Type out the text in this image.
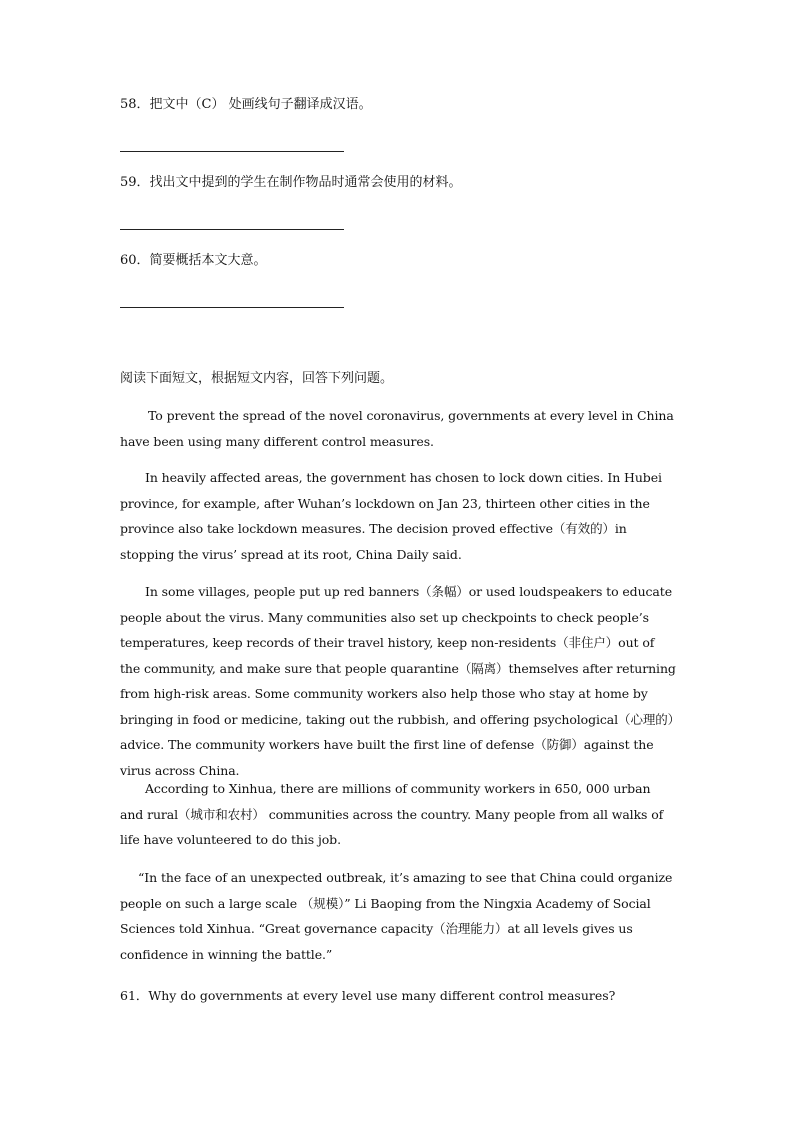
58．把文中（C） 处画线句子翻译成汉语。
59．找出文中提到的学生在制作物品时通常会使用的材料。
60．简要概括本文大意。
阅读下面短文，根据短文内容，回答下列问题。

To prevent the spread of the novel coronavirus, governments at every level in China have been using many different control measures.

In heavily affected areas, the government has chosen to lock down cities. In Hubei province, for example, after Wuhan’s lockdown on Jan 23, thirteen other cities in the province also take lockdown measures. The decision proved effective（有效的）in stopping the virus’ spread at its root, China Daily said.

In some villages, people put up red banners（条幅）or used loudspeakers to educate people about the virus. Many communities also set up checkpoints to check people’s temperatures, keep records of their travel history, keep non-residents（非住户）out of the community, and make sure that people quarantine（隔离）themselves after returning from high-risk areas. Some community workers also help those who stay at home by bringing in food or medicine, taking out the rubbish, and offering psychological（心理的）advice. The community workers have built the first line of defense（防御）against the virus across China.

According to Xinhua, there are millions of community workers in 650, 000 urban and rural（城市和农村） communities across the country. Many people from all walks of life have volunteered to do this job.

“In the face of an unexpected outbreak, it’s amazing to see that China could organize people on such a large scale （规模）” Li Baoping from the Ningxia Academy of Social Sciences told Xinhua. “Great governance capacity（治理能力）at all levels gives us confidence in winning the battle.”

61．Why do governments at every level use many different control measures?
